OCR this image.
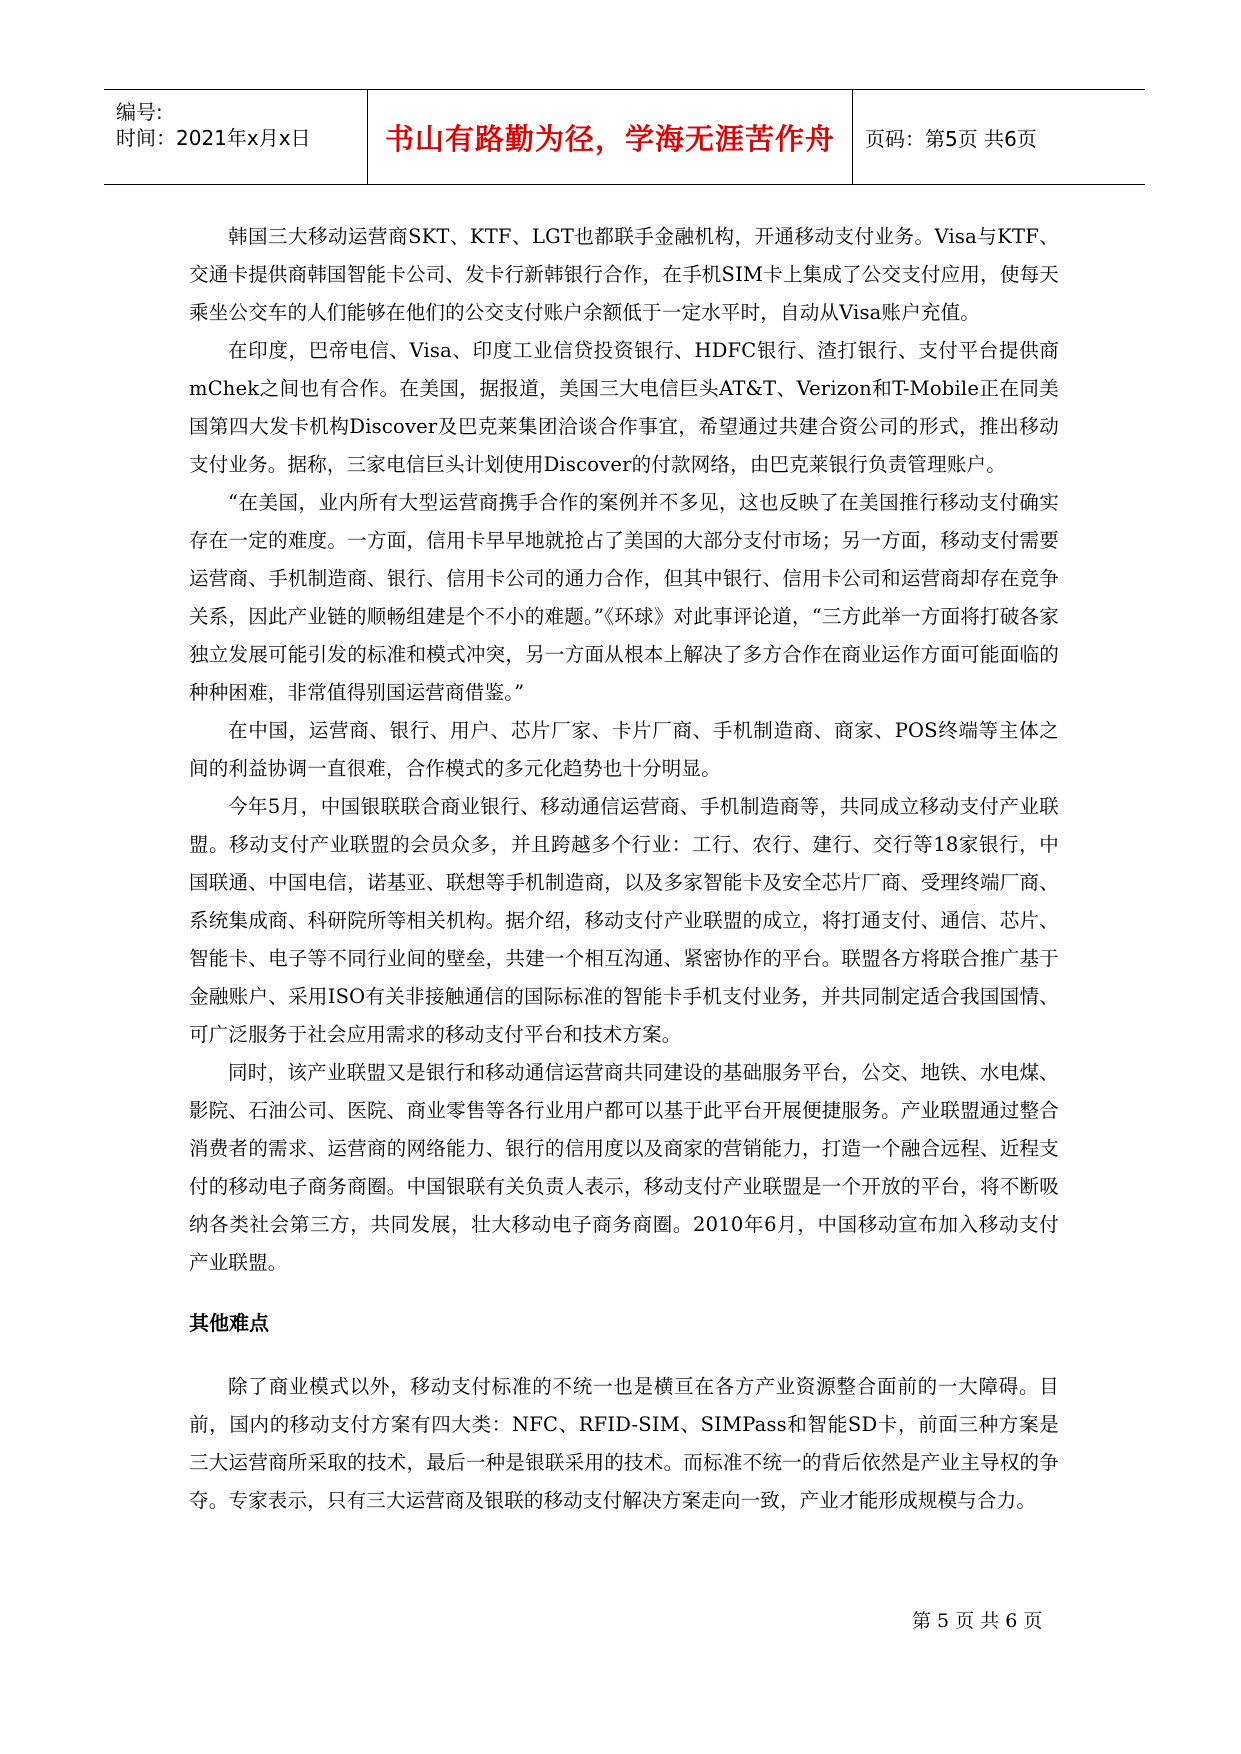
编号:
时间：2021年x月x日	书山有路勤为径，学海无涯苦作舟 页码：第5页 共6页

韩国三大移动运营商SKT、KTF、LGT也都联手金融机构，开通移动支付业务。Visa与KTF、交通卡提供商韩国智能卡公司、发卡行新韩银行合作，在手机SIM卡上集成了公交支付应用，使每天乘坐公交车的人们能够在他们的公交支付账户余额低于一定水平时，自动从Visa账户充值。

在印度，巴帝电信、Visa、印度工业信贷投资银行、HDFC银行、渣打银行、支付平台提供商mChek之间也有合作。在美国，据报道，美国三大电信巨头AT&T、Verizon和T-Mobile正在同美国第四大发卡机构Discover及巴克莱集团洽谈合作事宜，希望通过共建合资公司的形式，推出移动支付业务。据称，三家电信巨头计划使用Discover的付款网络，由巴克莱银行负责管理账户。

“在美国，业内所有大型运营商携手合作的案例并不多见，这也反映了在美国推行移动支付确实存在一定的难度。一方面，信用卡早早地就抢占了美国的大部分支付市场；另一方面，移动支付需要运营商、手机制造商、银行、信用卡公司的通力合作，但其中银行、信用卡公司和运营商却存在竞争关系，因此产业链的顺畅组建是个不小的难题。”《环球》对此事评论道，“三方此举一方面将打破各家独立发展可能引发的标准和模式冲突，另一方面从根本上解决了多方合作在商业运作方面可能面临的种种困难，非常值得别国运营商借鉴。”

在中国，运营商、银行、用户、芯片厂家、卡片厂商、手机制造商、商家、POS终端等主体之间的利益协调一直很难，合作模式的多元化趋势也十分明显。

今年5月，中国银联联合商业银行、移动通信运营商、手机制造商等，共同成立移动支付产业联盟。移动支付产业联盟的会员众多，并且跨越多个行业：工行、农行、建行、交行等18家银行，中国联通、中国电信，诺基亚、联想等手机制造商，以及多家智能卡及安全芯片厂商、受理终端厂商、系统集成商、科研院所等相关机构。据介绍，移动支付产业联盟的成立，将打通支付、通信、芯片、智能卡、电子等不同行业间的壁垒，共建一个相互沟通、紧密协作的平台。联盟各方将联合推广基于金融账户、采用ISO有关非接触通信的国际标准的智能卡手机支付业务，并共同制定适合我国国情、可广泛服务于社会应用需求的移动支付平台和技术方案。

同时，该产业联盟又是银行和移动通信运营商共同建设的基础服务平台，公交、地铁、水电煤、影院、石油公司、医院、商业零售等各行业用户都可以基于此平台开展便捷服务。产业联盟通过整合消费者的需求、运营商的网络能力、银行的信用度以及商家的营销能力，打造一个融合远程、近程支付的移动电子商务商圈。中国银联有关负责人表示，移动支付产业联盟是一个开放的平台，将不断吸纳各类社会第三方，共同发展，壮大移动电子商务商圈。2010年6月，中国移动宣布加入移动支付产业联盟。

其他难点

除了商业模式以外，移动支付标准的不统一也是横亘在各方产业资源整合面前的一大障碍。目前，国内的移动支付方案有四大类：NFC、RFID-SIM、SIMPass和智能SD卡，前面三种方案是三大运营商所采取的技术，最后一种是银联采用的技术。而标准不统一的背后依然是产业主导权的争夺。专家表示，只有三大运营商及银联的移动支付解决方案走向一致，产业才能形成规模与合力。

第 5 页 共 6 页
